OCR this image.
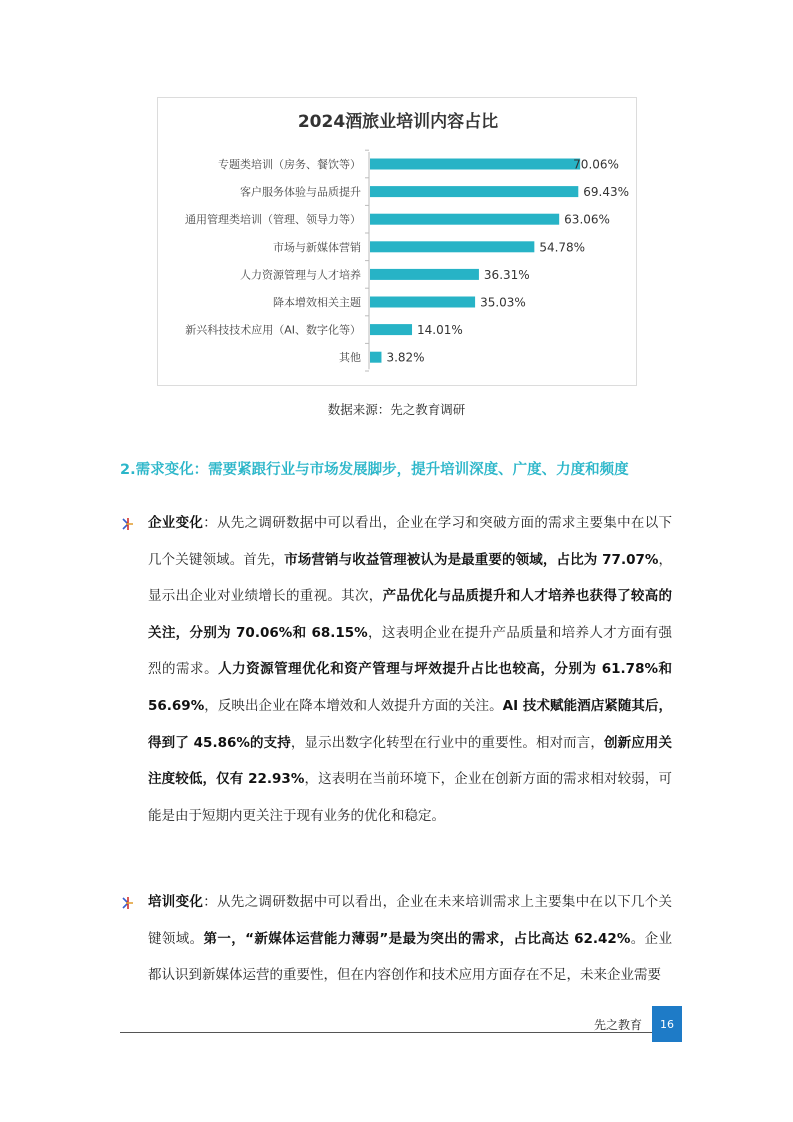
2024酒旅业培训内容占比
专题类培训（房务、餐饮等）	70.06%
客户服务体验与品质提升	69.43%
通用管理类培训（管理、领导力等）	63.06%
市场与新媒体营销	54.78%
人力资源管理与人才培养	36.31%
降本增效相关主题	35.03%
新兴科技技术应用（AI、数字化等）	14.01%
其他 3.82%
数据来源：先之教育调研
2.需求变化：需要紧跟行业与市场发展脚步，提升培训深度、广度、力度和频度

企业变化：从先之调研数据中可以看出，企业在学习和突破方面的需求主要集中在以下几个关键领域。首先，市场营销与收益管理被认为是最重要的领域，占比为 77.07%，显示出企业对业绩增长的重视。其次，产品优化与品质提升和人才培养也获得了较高的关注，分别为 70.06%和 68.15%，这表明企业在提升产品质量和培养人才方面有强烈的需求。人力资源管理优化和资产管理与坪效提升占比也较高，分别为 61.78%和 56.69%，反映出企业在降本增效和人效提升方面的关注。AI 技术赋能酒店紧随其后，得到了 45.86%的支持，显示出数字化转型在行业中的重要性。相对而言，创新应用关注度较低，仅有 22.93%，这表明在当前环境下，企业在创新方面的需求相对较弱，可能是由于短期内更关注于现有业务的优化和稳定。

培训变化：从先之调研数据中可以看出，企业在未来培训需求上主要集中在以下几个关键领域。第一，“新媒体运营能力薄弱”是最为突出的需求，占比高达 62.42%。企业都认识到新媒体运营的重要性，但在内容创作和技术应用方面存在不足，未来企业需要

先之教育	16
